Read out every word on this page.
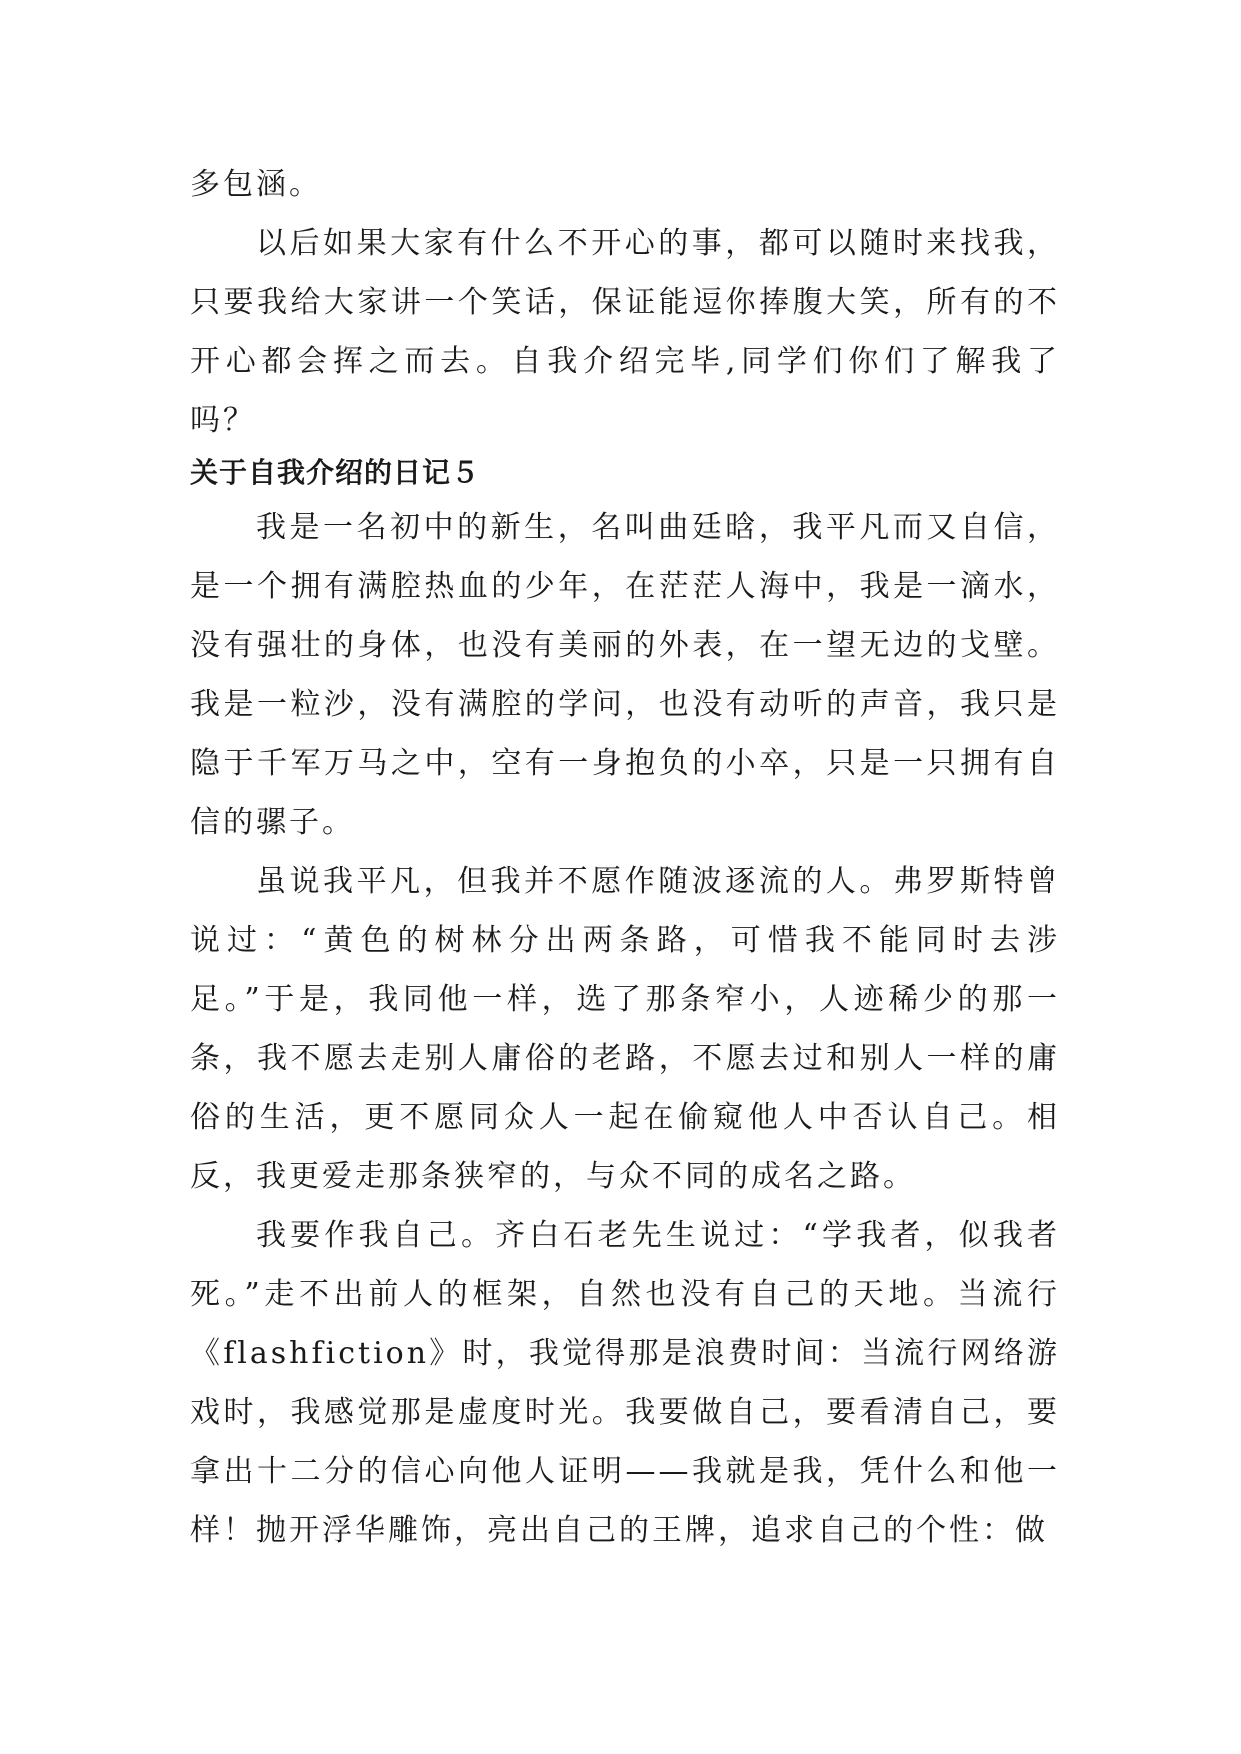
多包涵。

以后如果大家有什么不开心的事，都可以随时来找我，只要我给大家讲一个笑话，保证能逗你捧腹大笑，所有的不开心都会挥之而去。自我介绍完毕,同学们你们了解我了吗？

关于自我介绍的日记５

我是一名初中的新生，名叫曲廷晗，我平凡而又自信，是一个拥有满腔热血的少年，在茫茫人海中，我是一滴水，没有强壮的身体，也没有美丽的外表，在一望无边的戈壁。我是一粒沙，没有满腔的学问，也没有动听的声音，我只是隐于千军万马之中，空有一身抱负的小卒，只是一只拥有自信的骡子。

虽说我平凡，但我并不愿作随波逐流的人。弗罗斯特曾说过：“黄色的树林分出两条路，可惜我不能同时去涉足。”于是，我同他一样，选了那条窄小，人迹稀少的那一条，我不愿去走别人庸俗的老路，不愿去过和别人一样的庸俗的生活，更不愿同众人一起在偷窥他人中否认自己。相反，我更爱走那条狭窄的，与众不同的成名之路。

我要作我自己。齐白石老先生说过：“学我者，似我者死。”走不出前人的框架，自然也没有自己的天地。当流行《flashfiction》时，我觉得那是浪费时间：当流行网络游戏时，我感觉那是虚度时光。我要做自己，要看清自己，要拿出十二分的信心向他人证明——我就是我，凭什么和他一样！抛开浮华雕饰，亮出自己的王牌，追求自己的个性：做
